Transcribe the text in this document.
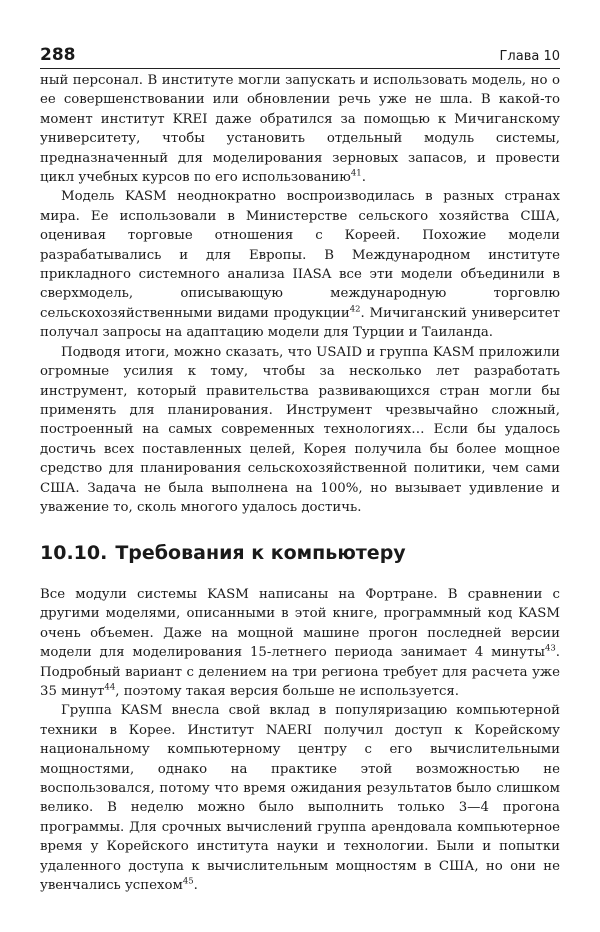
288	Глава 10

ный персонал. В институте могли запускать и использовать модель, но о ее совершенствовании или обновлении речь уже не шла. В какой-то момент институт KREI даже обратился за помощью к Мичиганскому университету, чтобы установить отдельный модуль системы, предназначенный для моделирования зерновых запасов, и провести цикл учебных курсов по его использованию$^{41}$.

Модель KASM неоднократно воспроизводилась в разных странах мира. Ее использовали в Министерстве сельского хозяйства США, оценивая торговые отношения с Кореей. Похожие модели разрабатывались и для Европы. В Международном институте прикладного системного анализа IIASA все эти модели объединили в сверхмодель, описывающую международную торговлю сельскохозяйственными видами продукции$^{42}$. Мичиганский университет получал запросы на адаптацию модели для Турции и Таиланда.

Подводя итоги, можно сказать, что USAID и группа KASM приложили огромные усилия к тому, чтобы за несколько лет разработать инструмент, который правительства развивающихся стран могли бы применять для планирования. Инструмент чрезвычайно сложный, построенный на самых современных технологиях… Если бы удалось достичь всех поставленных целей, Корея получила бы более мощное средство для планирования сельскохозяйственной политики, чем сами США. Задача не была выполнена на 100%, но вызывает удивление и уважение то, сколь многого удалось достичь.

10.10. Требования к компьютеру

Все модули системы KASM написаны на Фортране. В сравнении с другими моделями, описанными в этой книге, программный код KASM очень объемен. Даже на мощной машине прогон последней версии модели для моделирования 15-летнего периода занимает 4 минуты$^{43}$. Подробный вариант с делением на три региона требует для расчета уже 35 минут$^{44}$, поэтому такая версия больше не используется.

Группа KASM внесла свой вклад в популяризацию компьютерной техники в Корее. Институт NAERI получил доступ к Корейскому национальному компьютерному центру с его вычислительными мощностями, однако на практике этой возможностью не воспользовался, потому что время ожидания результатов было слишком велико. В неделю можно было выполнить только 3—4 прогона программы. Для срочных вычислений группа арендовала компьютерное время у Корейского института науки и технологии. Были и попытки удаленного доступа к вычислительным мощностям в США, но они не увенчались успехом$^{45}$.
